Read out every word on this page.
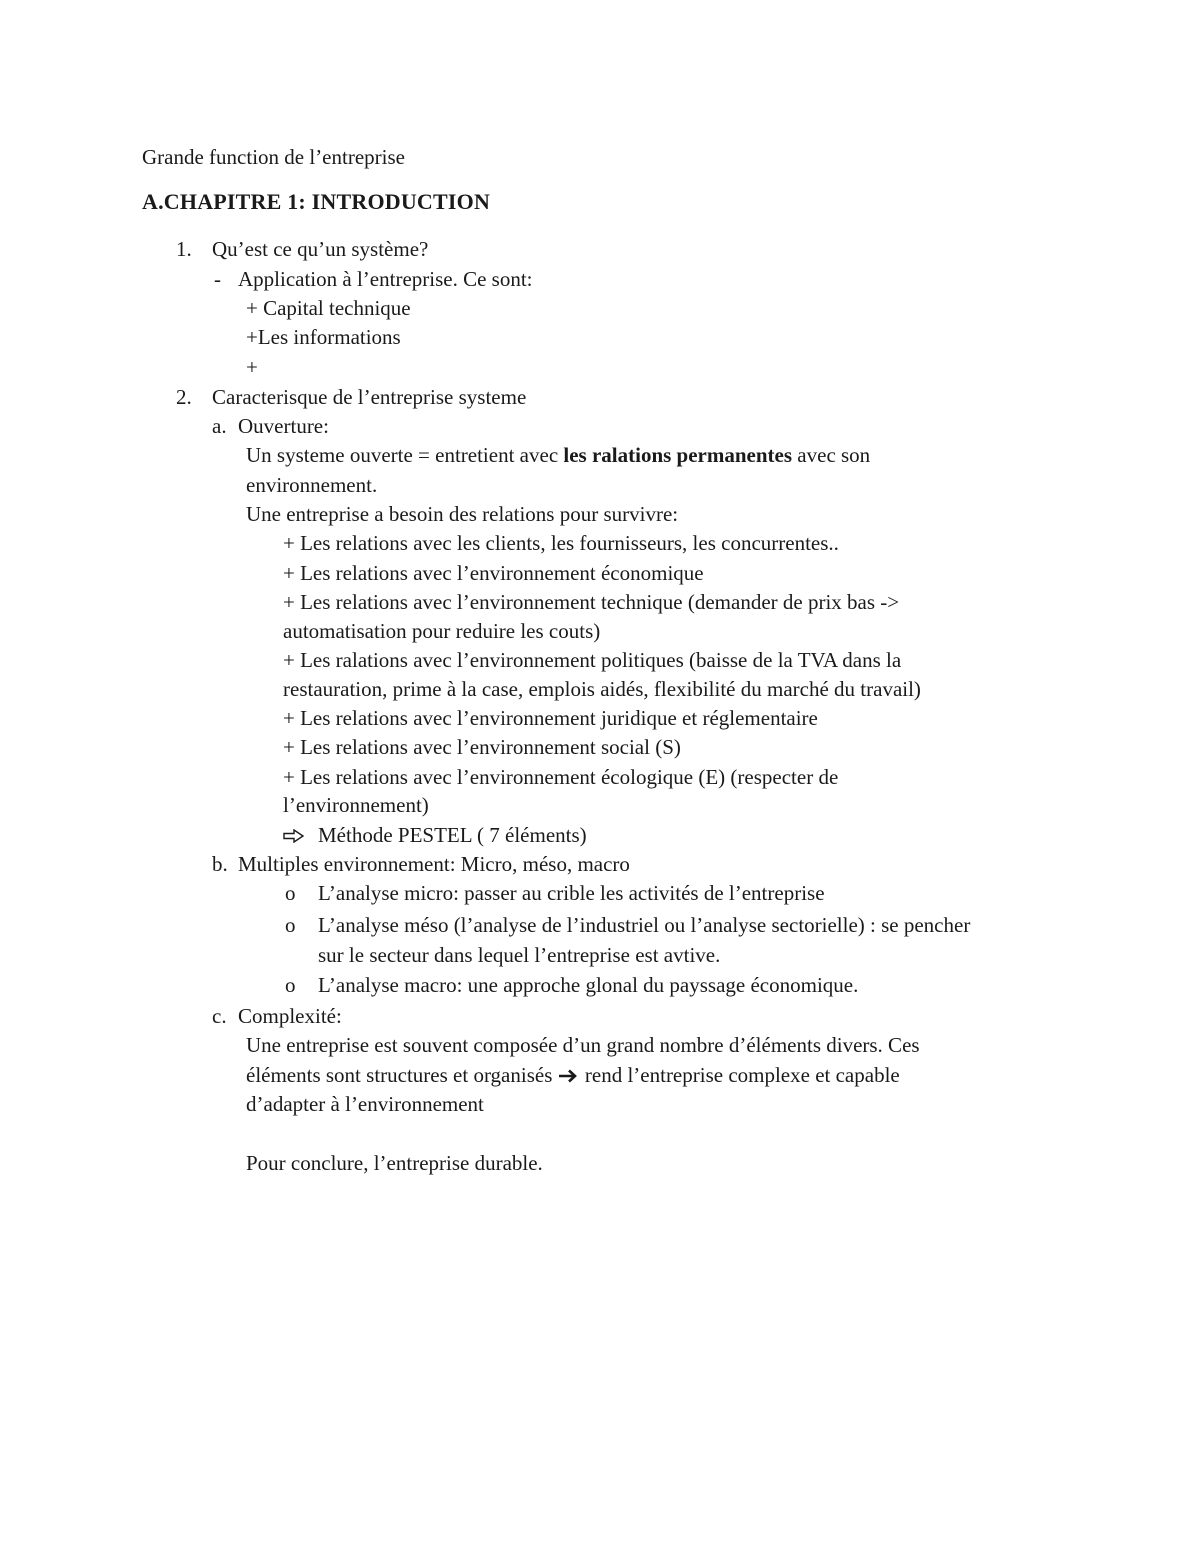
Grande function de l’entreprise
A.CHAPITRE 1: INTRODUCTION
1. Qu’est ce qu’un système?
- Application à l’entreprise. Ce sont:
+ Capital technique
+Les informations
+
2. Caracterisque de l’entreprise systeme
a. Ouverture:
Un systeme ouverte = entretient avec les ralations permanentes avec son
environnement.
Une entreprise a besoin des relations pour survivre:
+ Les relations avec les clients, les fournisseurs, les concurrentes..
+ Les relations avec l’environnement économique
+ Les relations avec l’environnement technique (demander de prix bas ->
automatisation pour reduire les couts)
+ Les ralations avec l’environnement politiques (baisse de la TVA dans la
restauration, prime à la case, emplois aidés, flexibilité du marché du travail)
+ Les relations avec l’environnement juridique et réglementaire
+ Les relations avec l’environnement social (S)
+ Les relations avec l’environnement écologique (E) (respecter de
l’environnement)
Méthode PESTEL ( 7 éléments)
b. Multiples environnement: Micro, méso, macro
o L’analyse micro: passer au crible les activités de l’entreprise
o L’analyse méso (l’analyse de l’industriel ou l’analyse sectorielle) : se pencher
sur le secteur dans lequel l’entreprise est avtive.
o L’analyse macro: une approche glonal du payssage économique.
c. Complexité:
Une entreprise est souvent composée d’un grand nombre d’éléments divers. Ces
éléments sont structures et organisés  rend l’entreprise complexe et capable
d’adapter à l’environnement
Pour conclure, l’entreprise durable.
